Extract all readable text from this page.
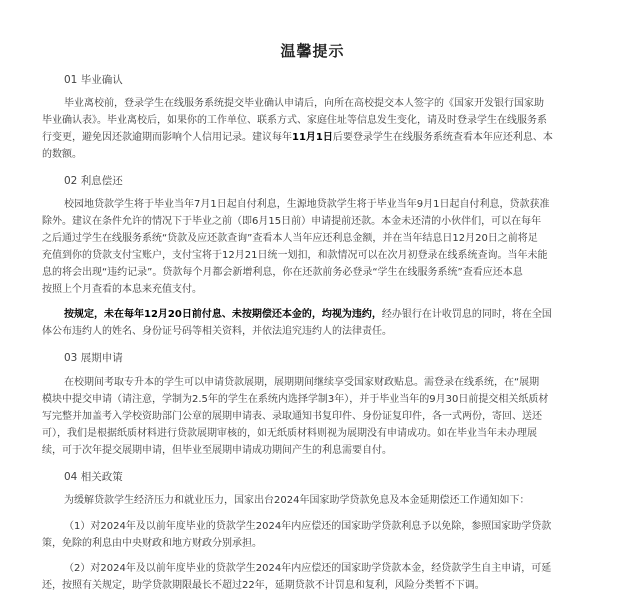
温馨提示
01 毕业确认
毕业离校前，登录学生在线服务系统提交毕业确认申请后，向所在高校提交本人签字的《国家开发银行国家助
毕业确认表》。毕业离校后，如果你的工作单位、联系方式、家庭住址等信息发生变化，请及时登录学生在线服务系
行变更，避免因还款逾期而影响个人信用记录。建议每年11月1日后要登录学生在线服务系统查看本年应还利息、本
的数额。
02 利息偿还
校园地贷款学生将于毕业当年7月1日起自付利息，生源地贷款学生将于毕业当年9月1日起自付利息，贷款获准
除外。建议在条件允许的情况下于毕业之前（即6月15日前）申请提前还款。本金未还清的小伙伴们，可以在每年
之后通过学生在线服务系统“贷款及应还款查询”查看本人当年应还利息金额，并在当年结息日12月20日之前将足
充值到你的贷款支付宝账户，支付宝将于12月21日统一划扣，和款情况可以在次月初登录在线系统查询。当年未能
息的将会出现“违约记录”。贷款每个月都会新增利息，你在还款前务必登录“学生在线服务系统”查看应还本息
按照上个月查看的本息来充值支付。
按规定，未在每年12月20日前付息、未按期偿还本金的，均视为违约，经办银行在计收罚息的同时，将在全国
体公布违约人的姓名、身份证号码等相关资料，并依法追究违约人的法律责任。
03 展期申请
在校期间考取专升本的学生可以申请贷款展期，展期期间继续享受国家财政贴息。需登录在线系统，在“展期
模块中提交申请（请注意，学制为2.5年的学生在系统内选择学制3年），并于毕业当年的9月30日前提交相关纸质材
写完整并加盖考入学校资助部门公章的展期申请表、录取通知书复印件、身份证复印件，各一式两份，寄回、送还
可），我们是根据纸质材料进行贷款展期审核的，如无纸质材料则视为展期没有申请成功。如在毕业当年未办理展
续，可于次年提交展期申请，但毕业至展期申请成功期间产生的利息需要自付。
04 相关政策
为缓解贷款学生经济压力和就业压力，国家出台2024年国家助学贷款免息及本金延期偿还工作通知如下：
（1）对2024年及以前年度毕业的贷款学生2024年内应偿还的国家助学贷款利息予以免除，参照国家助学贷款
策，免除的利息由中央财政和地方财政分别承担。
（2）对2024年及以前年度毕业的贷款学生2024年内应偿还的国家助学贷款本金，经贷款学生自主申请，可延
还，按照有关规定，助学贷款期限最长不超过22年，延期贷款不计罚息和复利，风险分类暂不下调。
